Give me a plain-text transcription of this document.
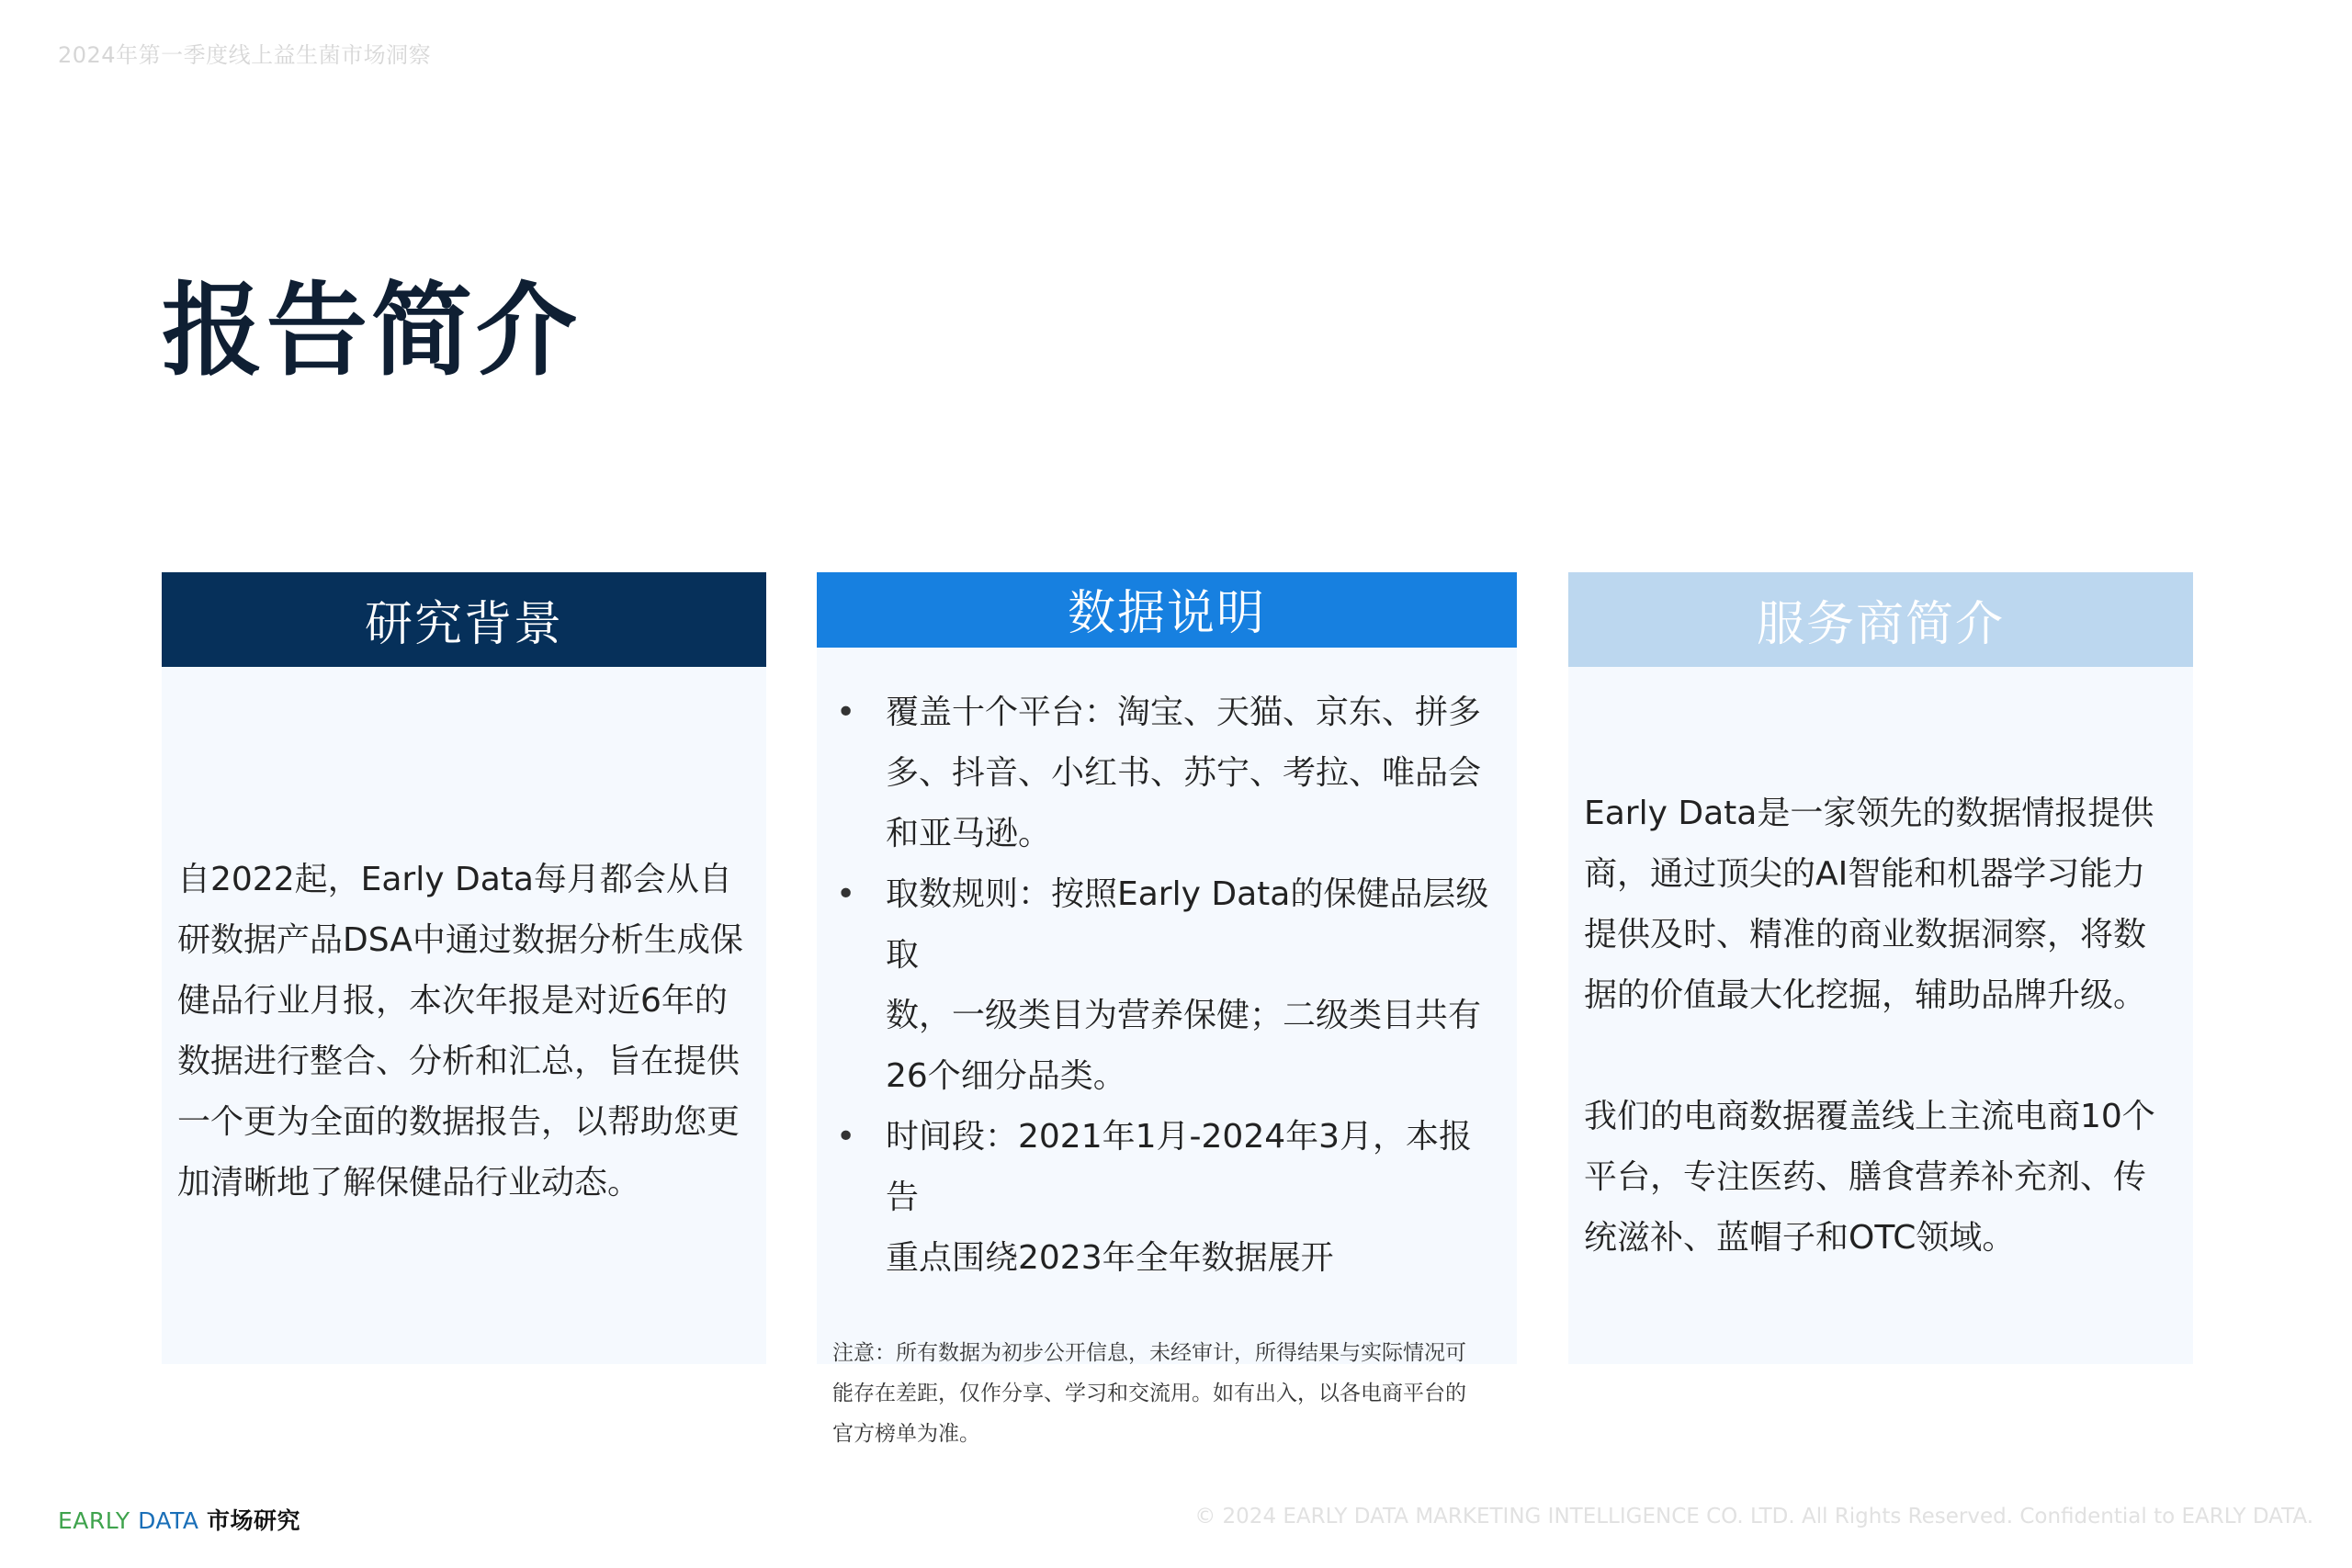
2024年第一季度线上益生菌市场洞察
报告简介
研究背景
自2022起，Early Data每月都会从自
研数据产品DSA中通过数据分析生成保
健品行业月报，本次年报是对近6年的
数据进行整合、分析和汇总，旨在提供
一个更为全面的数据报告，以帮助您更
加清晰地了解保健品行业动态。
数据说明
• 覆盖十个平台：淘宝、天猫、京东、拼多
多、抖音、小红书、苏宁、考拉、唯品会
和亚马逊。
• 取数规则：按照Early Data的保健品层级取
数，一级类目为营养保健；二级类目共有
26个细分品类。
• 时间段：2021年1月-2024年3月，本报告
重点围绕2023年全年数据展开
注意：所有数据为初步公开信息，未经审计，所得结果与实际情况可
能存在差距，仅作分享、学习和交流用。如有出入，以各电商平台的
官方榜单为准。
服务商简介
Early Data是一家领先的数据情报提供
商，通过顶尖的AI智能和机器学习能力
提供及时、精准的商业数据洞察，将数
据的价值最大化挖掘，辅助品牌升级。
我们的电商数据覆盖线上主流电商10个
平台，专注医药、膳食营养补充剂、传
统滋补、蓝帽子和OTC领域。
EARLY DATA 市场研究	© 2024 EARLY DATA MARKETING INTELLIGENCE CO. LTD. All Rights Reserved. Confidential to EARLY DATA.
